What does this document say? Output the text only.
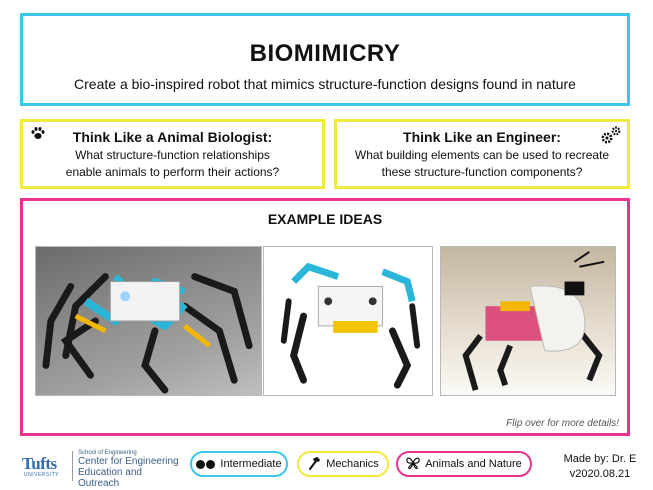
BIOMIMICRY
Create a bio-inspired robot that mimics structure-function designs found in nature
Think Like a Animal Biologist:

What structure-function relationships

enable animals to perform their actions?

Think Like an Engineer:

What building elements can be used to recreate

these structure-function components?

EXAMPLE IDEAS
Flip over for more details!
Tufts
UNIVERSITY
School of Engineering
Center for Engineering
Education and Outreach
Intermediate	Mechanics	Animals and Nature	Made by: Dr. E
v2020.08.21
